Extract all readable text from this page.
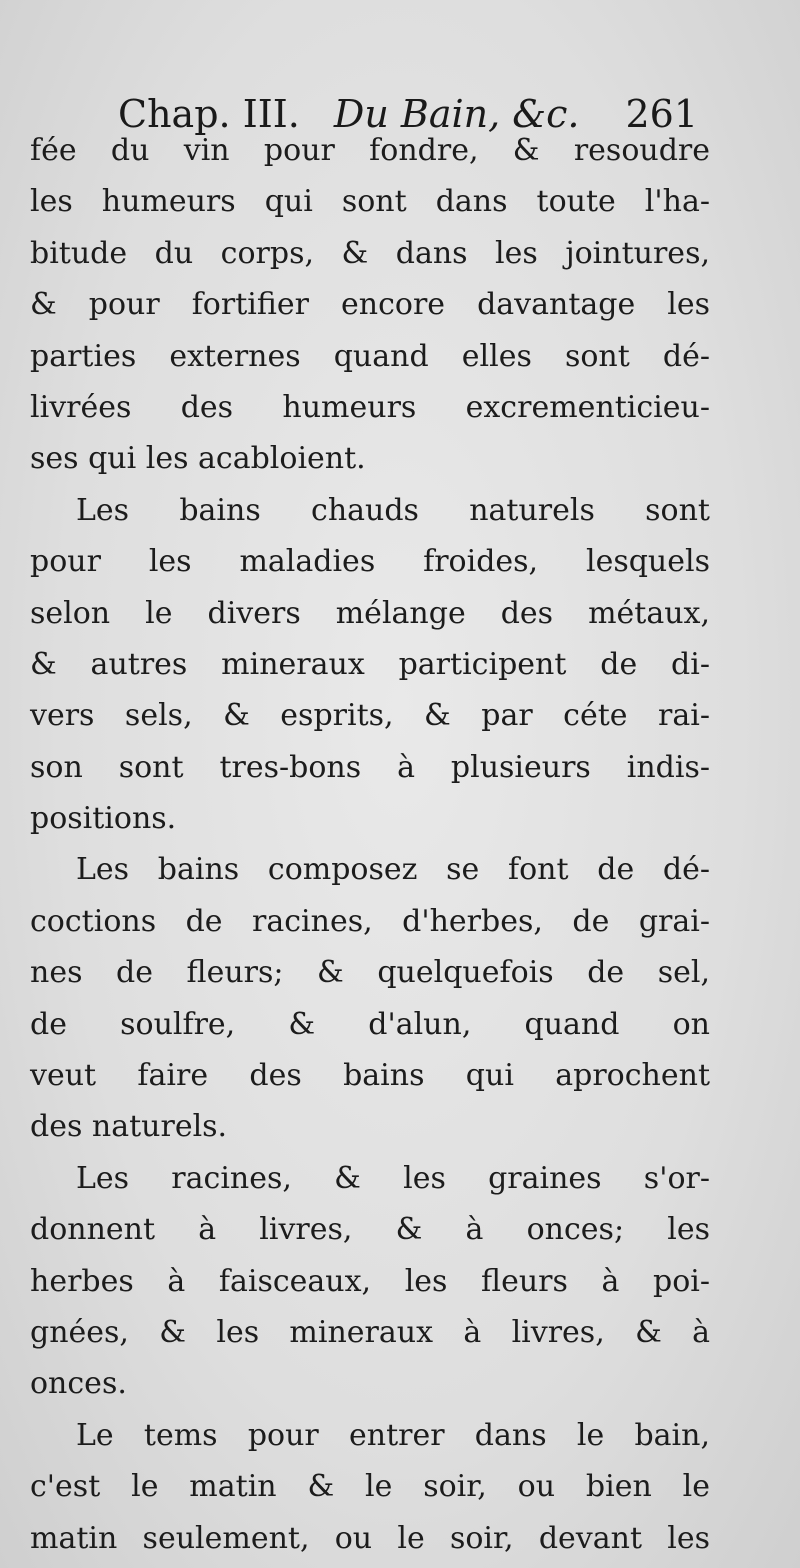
Chap. III. Du Bain, &c. 261
fée du vin pour fondre, & resoudre
les humeurs qui sont dans toute l'ha-
bitude du corps, & dans les jointures,
& pour fortifier encore davantage les
parties externes quand elles sont dé-
livrées des humeurs excrementicieu-
ses qui les acabloient.
Les bains chauds naturels sont
pour les maladies froides, lesquels
selon le divers mélange des métaux,
& autres mineraux participent de di-
vers sels, & esprits, & par céte rai-
son sont tres-bons à plusieurs indis-
positions.
Les bains composez se font de dé-
coctions de racines, d'herbes, de grai-
nes de fleurs; & quelquefois de sel,
de soulfre, & d'alun, quand on
veut faire des bains qui aprochent
des naturels.
Les racines, & les graines s'or-
donnent à livres, & à onces; les
herbes à faisceaux, les fleurs à poi-
gnées, & les mineraux à livres, & à
onces.
Le tems pour entrer dans le bain,
c'est le matin & le soir, ou bien le
matin seulement, ou le soir, devant les
